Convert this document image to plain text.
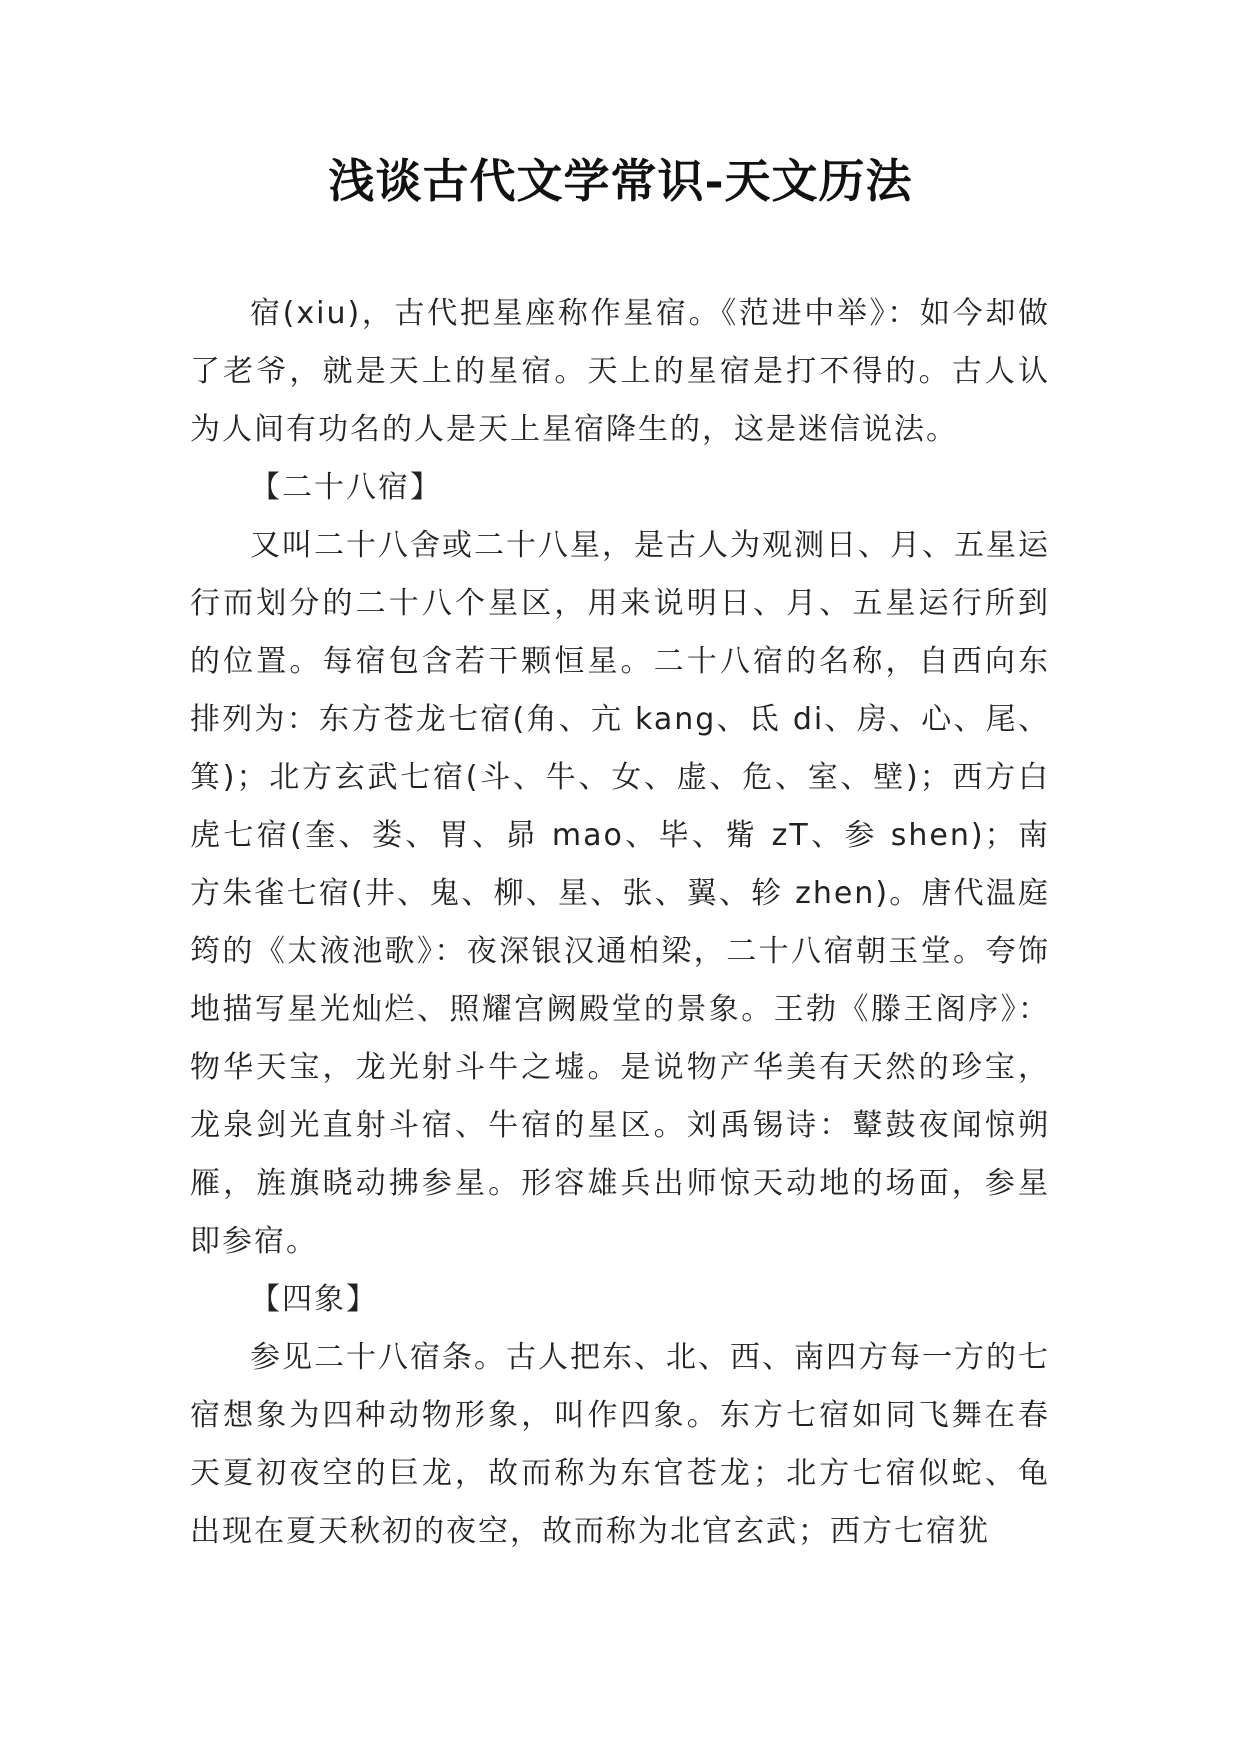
浅谈古代文学常识-天文历法

宿(xiu)，古代把星座称作星宿。《范进中举》：如今却做了老爷，就是天上的星宿。天上的星宿是打不得的。古人认为人间有功名的人是天上星宿降生的，这是迷信说法。

【二十八宿】

又叫二十八舍或二十八星，是古人为观测日、月、五星运行而划分的二十八个星区，用来说明日、月、五星运行所到的位置。每宿包含若干颗恒星。二十八宿的名称，自西向东排列为：东方苍龙七宿(角、亢 kang、氐 di、房、心、尾、箕)；北方玄武七宿(斗、牛、女、虚、危、室、壁)；西方白虎七宿(奎、娄、胃、昴 mao、毕、觜 zT、参 shen)；南方朱雀七宿(井、鬼、柳、星、张、翼、轸 zhen)。唐代温庭筠的《太液池歌》：夜深银汉通柏梁，二十八宿朝玉堂。夸饰地描写星光灿烂、照耀宫阙殿堂的景象。王勃《滕王阁序》：物华天宝，龙光射斗牛之墟。是说物产华美有天然的珍宝，龙泉剑光直射斗宿、牛宿的星区。刘禹锡诗：鼙鼓夜闻惊朔雁，旌旗晓动拂参星。形容雄兵出师惊天动地的场面，参星即参宿。

【四象】

参见二十八宿条。古人把东、北、西、南四方每一方的七宿想象为四种动物形象，叫作四象。东方七宿如同飞舞在春天夏初夜空的巨龙，故而称为东官苍龙；北方七宿似蛇、龟出现在夏天秋初的夜空，故而称为北官玄武；西方七宿犹
